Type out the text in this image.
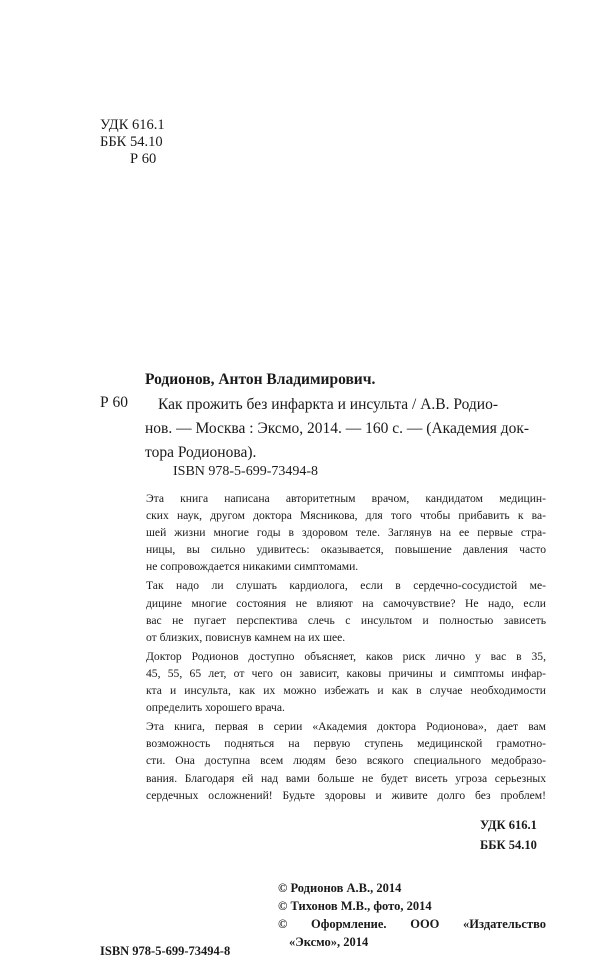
УДК 616.1
ББК 54.10
Р 60
Родионов, Антон Владимирович.
Р 60 Как прожить без инфаркта и инсульта / А.В. Родио-
нов. — Москва : Эксмо, 2014. — 160 с. — (Академия док-
тора Родионова).
ISBN 978-5-699-73494-8
Эта книга написана авторитетным врачом, кандидатом медицин-
ских наук, другом доктора Мясникова, для того чтобы прибавить к ва-
шей жизни многие годы в здоровом теле. Заглянув на ее первые стра-
ницы, вы сильно удивитесь: оказывается, повышение давления часто
не сопровождается никакими симптомами.
Так надо ли слушать кардиолога, если в сердечно-сосудистой ме-
дицине многие состояния не влияют на самочувствие? Не надо, если
вас не пугает перспектива слечь с инсультом и полностью зависеть
от близких, повиснув камнем на их шее.
Доктор Родионов доступно объясняет, каков риск лично у вас в 35,
45, 55, 65 лет, от чего он зависит, каковы причины и симптомы инфар-
кта и инсульта, как их можно избежать и как в случае необходимости
определить хорошего врача.
Эта книга, первая в серии «Академия доктора Родионова», дает вам
возможность подняться на первую ступень медицинской грамотно-
сти. Она доступна всем людям безо всякого специального медобразо-
вания. Благодаря ей над вами больше не будет висеть угроза серьезных
сердечных осложнений! Будьте здоровы и живите долго без проблем!
УДК 616.1
ББК 54.10
© Родионов А.В., 2014
© Тихонов М.В., фото, 2014
© Оформление. ООО «Издательство
«Эксмо», 2014
ISBN 978-5-699-73494-8
